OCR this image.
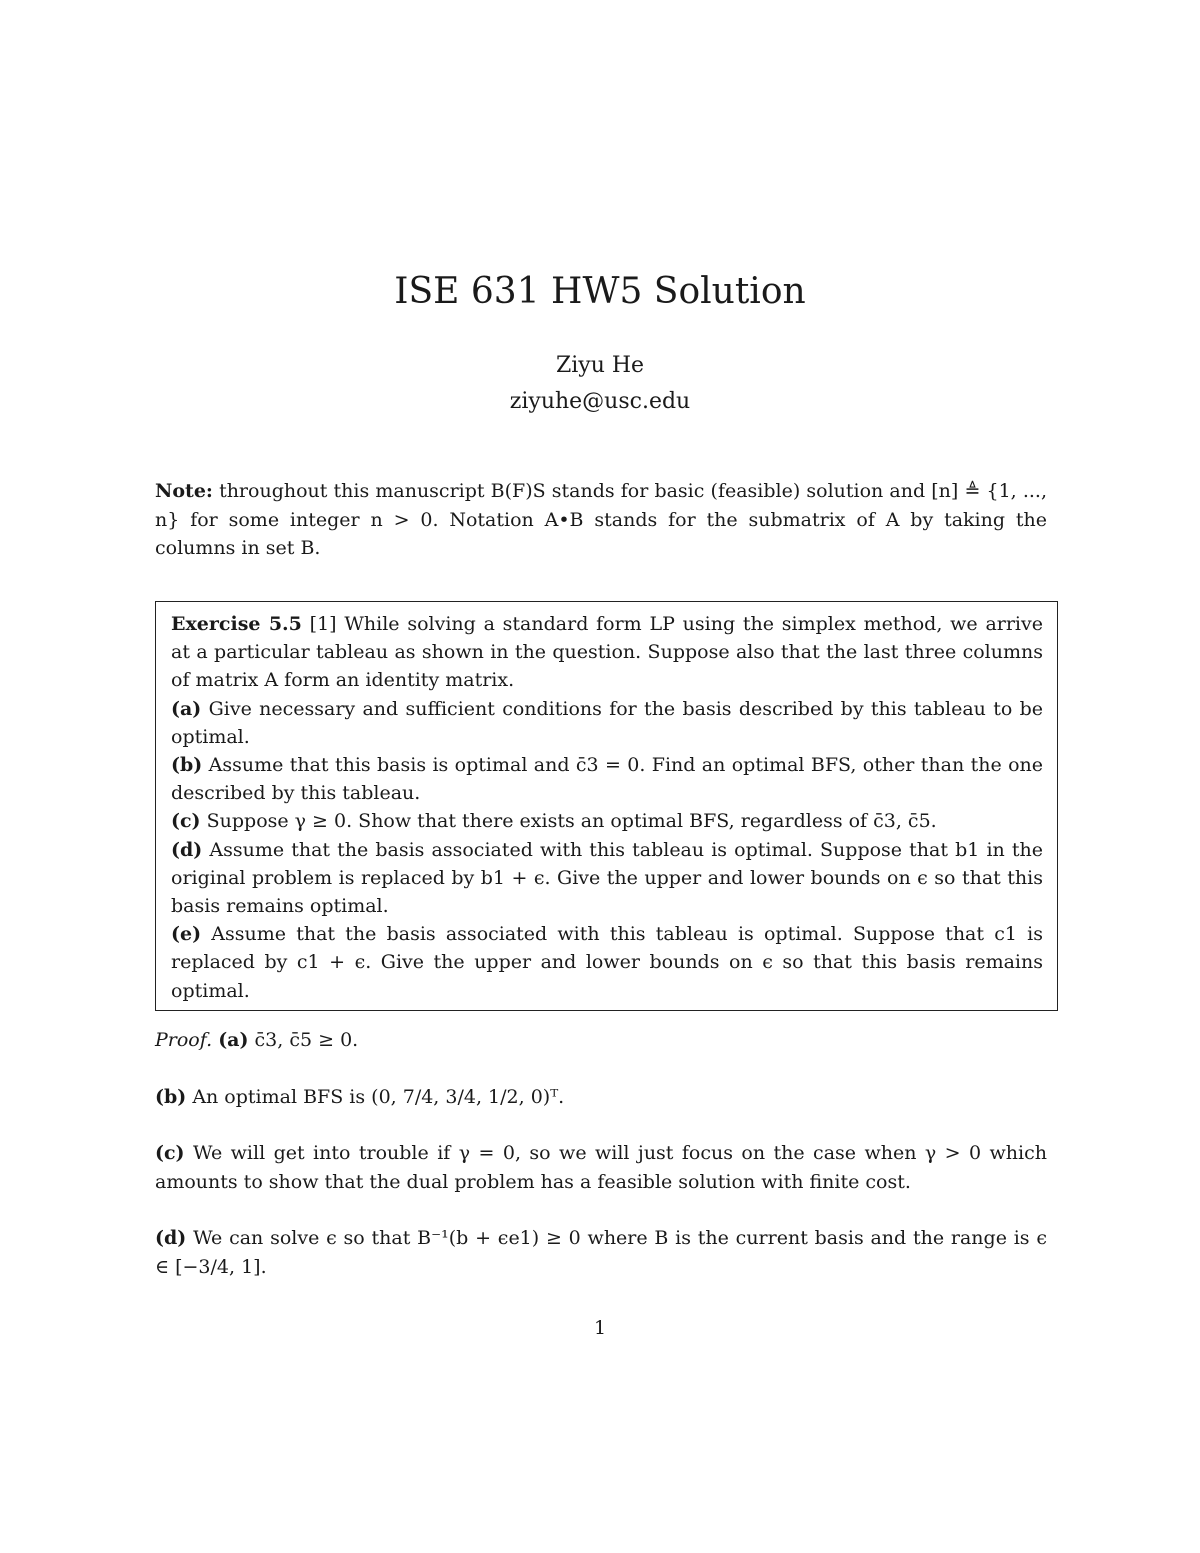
ISE 631 HW5 Solution
Ziyu He
ziyuhe@usc.edu
Note: throughout this manuscript B(F)S stands for basic (feasible) solution and [n] ≜ {1, ..., n} for some integer n > 0. Notation A•B stands for the submatrix of A by taking the columns in set B.

Exercise 5.5 [1] While solving a standard form LP using the simplex method, we arrive at a particular tableau as shown in the question. Suppose also that the last three columns of matrix A form an identity matrix.

(a) Give necessary and sufficient conditions for the basis described by this tableau to be optimal.

(b) Assume that this basis is optimal and c̄3 = 0. Find an optimal BFS, other than the one described by this tableau.

(c) Suppose γ ≥ 0. Show that there exists an optimal BFS, regardless of c̄3, c̄5.

(d) Assume that the basis associated with this tableau is optimal. Suppose that b1 in the original problem is replaced by b1 + ϵ. Give the upper and lower bounds on ϵ so that this basis remains optimal.

(e) Assume that the basis associated with this tableau is optimal. Suppose that c1 is replaced by c1 + ϵ. Give the upper and lower bounds on ϵ so that this basis remains optimal.

Proof. (a) c̄3, c̄5 ≥ 0.

(b) An optimal BFS is (0, 7/4, 3/4, 1/2, 0)ᵀ.

(c) We will get into trouble if γ = 0, so we will just focus on the case when γ > 0 which amounts to show that the dual problem has a feasible solution with finite cost.

(d) We can solve ϵ so that B⁻¹(b + ϵe1) ≥ 0 where B is the current basis and the range is ϵ ∈ [−3/4, 1].

1
